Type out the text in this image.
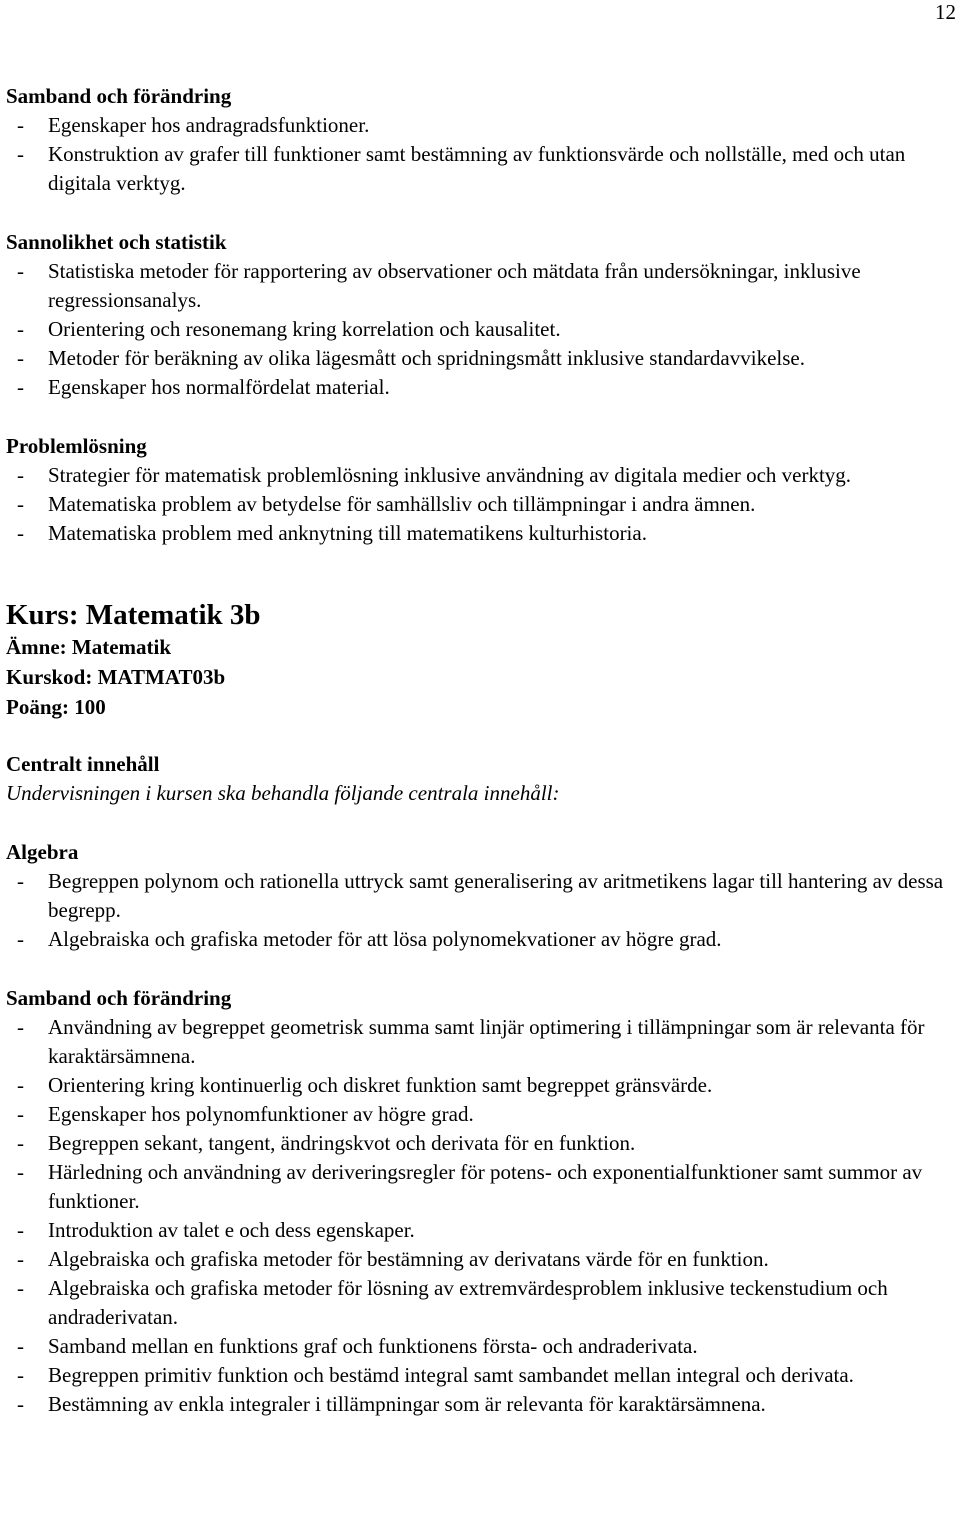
12

Samband och förändring

- Egenskaper hos andragradsfunktioner.
- Konstruktion av grafer till funktioner samt bestämning av funktionsvärde och nollställe, med och utan digitala verktyg.

Sannolikhet och statistik

- Statistiska metoder för rapportering av observationer och mätdata från undersökningar, inklusive regressionsanalys.
- Orientering och resonemang kring korrelation och kausalitet.
- Metoder för beräkning av olika lägesmått och spridningsmått inklusive standardavvikelse.
- Egenskaper hos normalfördelat material.

Problemlösning

- Strategier för matematisk problemlösning inklusive användning av digitala medier och verktyg.
- Matematiska problem av betydelse för samhällsliv och tillämpningar i andra ämnen.
- Matematiska problem med anknytning till matematikens kulturhistoria.

Kurs: Matematik 3b

Ämne: Matematik

Kurskod: MATMAT03b

Poäng: 100

Centralt innehåll

Undervisningen i kursen ska behandla följande centrala innehåll:

Algebra

- Begreppen polynom och rationella uttryck samt generalisering av aritmetikens lagar till hantering av dessa begrepp.
- Algebraiska och grafiska metoder för att lösa polynomekvationer av högre grad.

Samband och förändring

- Användning av begreppet geometrisk summa samt linjär optimering i tillämpningar som är relevanta för karaktärsämnena.
- Orientering kring kontinuerlig och diskret funktion samt begreppet gränsvärde.
- Egenskaper hos polynomfunktioner av högre grad.
- Begreppen sekant, tangent, ändringskvot och derivata för en funktion.
- Härledning och användning av deriveringsregler för potens- och exponentialfunktioner samt summor av funktioner.
- Introduktion av talet e och dess egenskaper.
- Algebraiska och grafiska metoder för bestämning av derivatans värde för en funktion.
- Algebraiska och grafiska metoder för lösning av extremvärdesproblem inklusive teckenstudium och andraderivatan.
- Samband mellan en funktions graf och funktionens första- och andraderivata.
- Begreppen primitiv funktion och bestämd integral samt sambandet mellan integral och derivata.
- Bestämning av enkla integraler i tillämpningar som är relevanta för karaktärsämnena.
